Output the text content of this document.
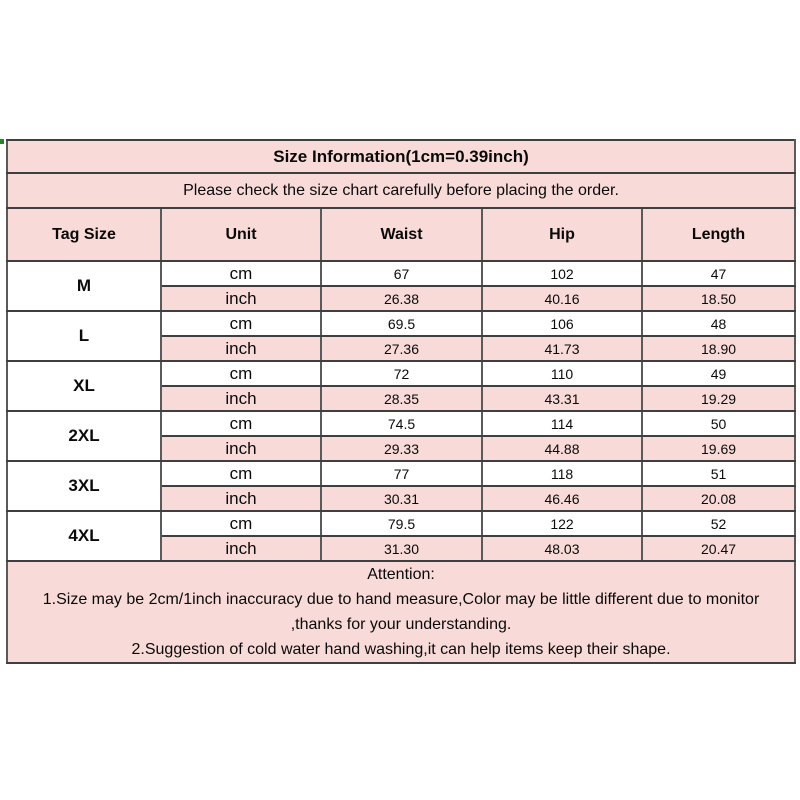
Size Information(1cm=0.39inch)				
Please check the size chart carefully before placing the order.				
Tag Size	Unit	Waist	Hip	Length
M	cm	67	102	47
	inch	26.38	40.16	18.50
L	cm	69.5	106	48
	inch	27.36	41.73	18.90
XL	cm	72	110	49
	inch	28.35	43.31	19.29
2XL	cm	74.5	114	50
	inch	29.33	44.88	19.69
3XL	cm	77	118	51
	inch	30.31	46.46	20.08
4XL	cm	79.5	122	52
	inch	31.30	48.03	20.47

Attention:
1.Size may be 2cm/1inch inaccuracy due to hand measure,Color may be little different due to monitor
,thanks for your understanding.
2.Suggestion of cold water hand washing,it can help items keep their shape.				
